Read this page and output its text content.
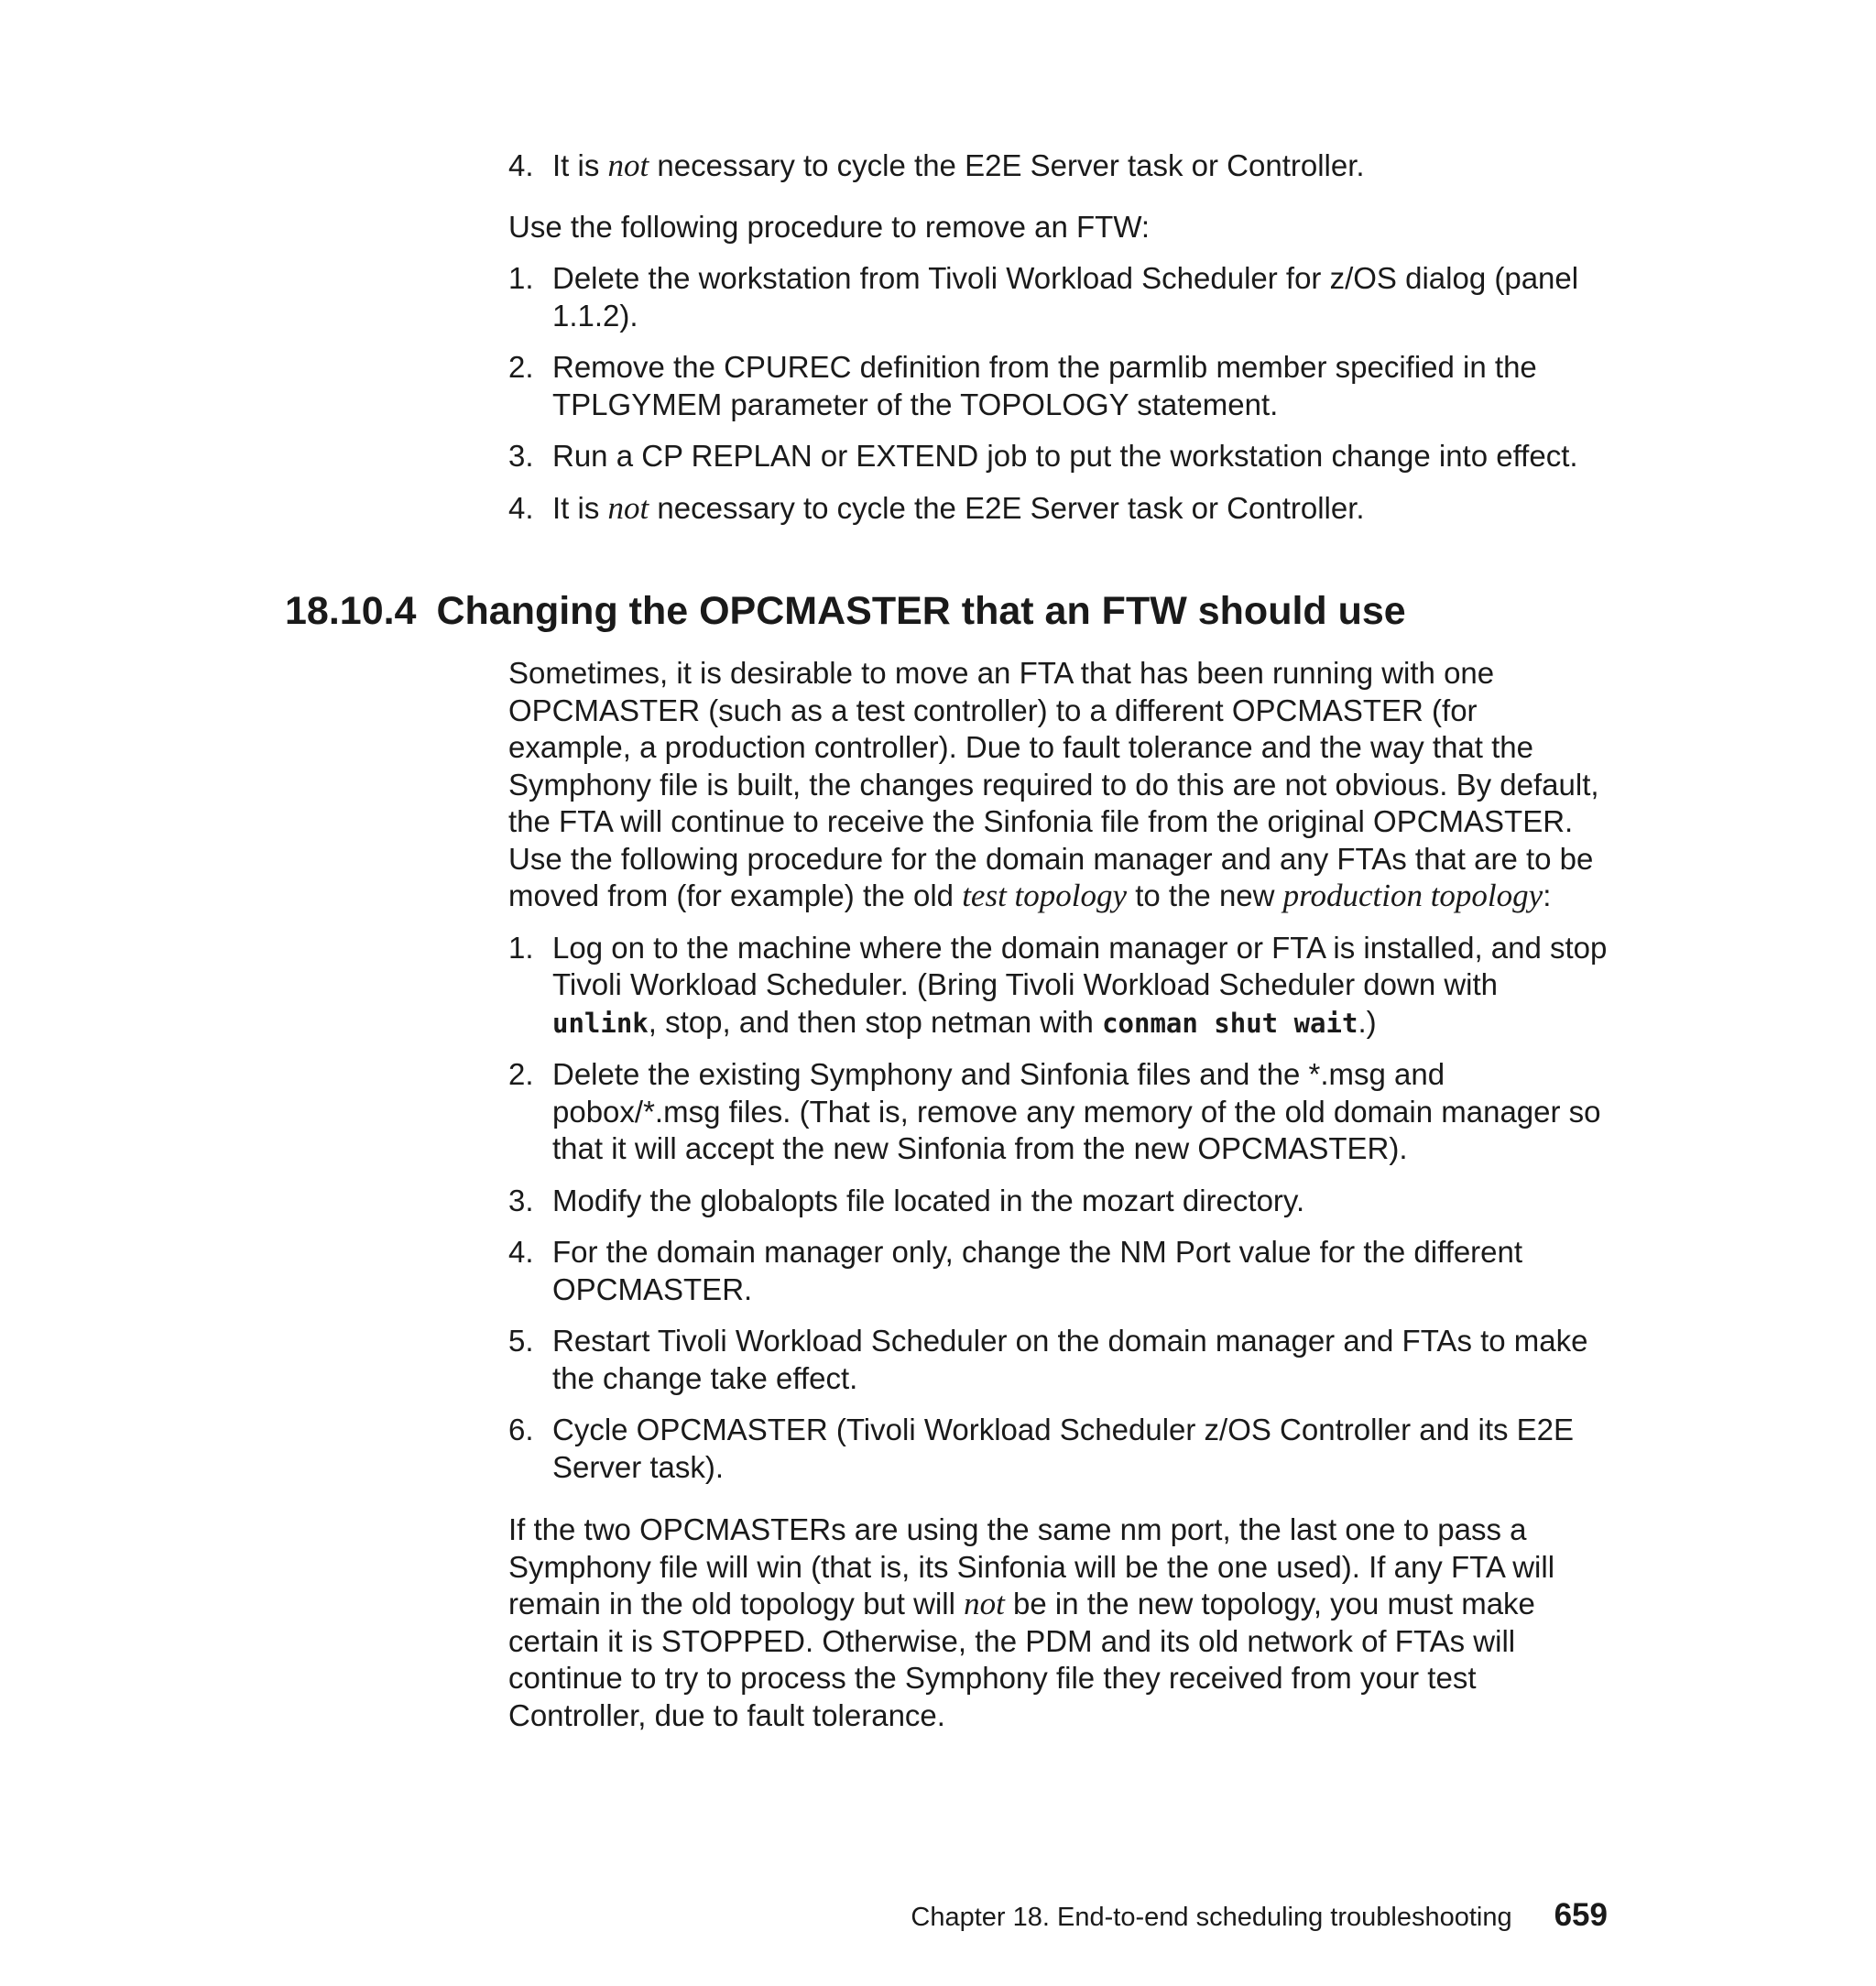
4. It is not necessary to cycle the E2E Server task or Controller.

Use the following procedure to remove an FTW:

1. Delete the workstation from Tivoli Workload Scheduler for z/OS dialog (panel 1.1.2).
2. Remove the CPUREC definition from the parmlib member specified in the TPLGYMEM parameter of the TOPOLOGY statement.
3. Run a CP REPLAN or EXTEND job to put the workstation change into effect.
4. It is not necessary to cycle the E2E Server task or Controller.
18.10.4 Changing the OPCMASTER that an FTW should use

Sometimes, it is desirable to move an FTA that has been running with one OPCMASTER (such as a test controller) to a different OPCMASTER (for example, a production controller). Due to fault tolerance and the way that the Symphony file is built, the changes required to do this are not obvious. By default, the FTA will continue to receive the Sinfonia file from the original OPCMASTER. Use the following procedure for the domain manager and any FTAs that are to be moved from (for example) the old test topology to the new production topology:

1. Log on to the machine where the domain manager or FTA is installed, and stop Tivoli Workload Scheduler. (Bring Tivoli Workload Scheduler down with unlink, stop, and then stop netman with conman shut wait.)
2. Delete the existing Symphony and Sinfonia files and the *.msg and pobox/*.msg files. (That is, remove any memory of the old domain manager so that it will accept the new Sinfonia from the new OPCMASTER).
3. Modify the globalopts file located in the mozart directory.
4. For the domain manager only, change the NM Port value for the different OPCMASTER.
5. Restart Tivoli Workload Scheduler on the domain manager and FTAs to make the change take effect.
6. Cycle OPCMASTER (Tivoli Workload Scheduler z/OS Controller and its E2E Server task).

If the two OPCMASTERs are using the same nm port, the last one to pass a Symphony file will win (that is, its Sinfonia will be the one used). If any FTA will remain in the old topology but will not be in the new topology, you must make certain it is STOPPED. Otherwise, the PDM and its old network of FTAs will continue to try to process the Symphony file they received from your test Controller, due to fault tolerance.

Chapter 18. End-to-end scheduling troubleshooting 659
